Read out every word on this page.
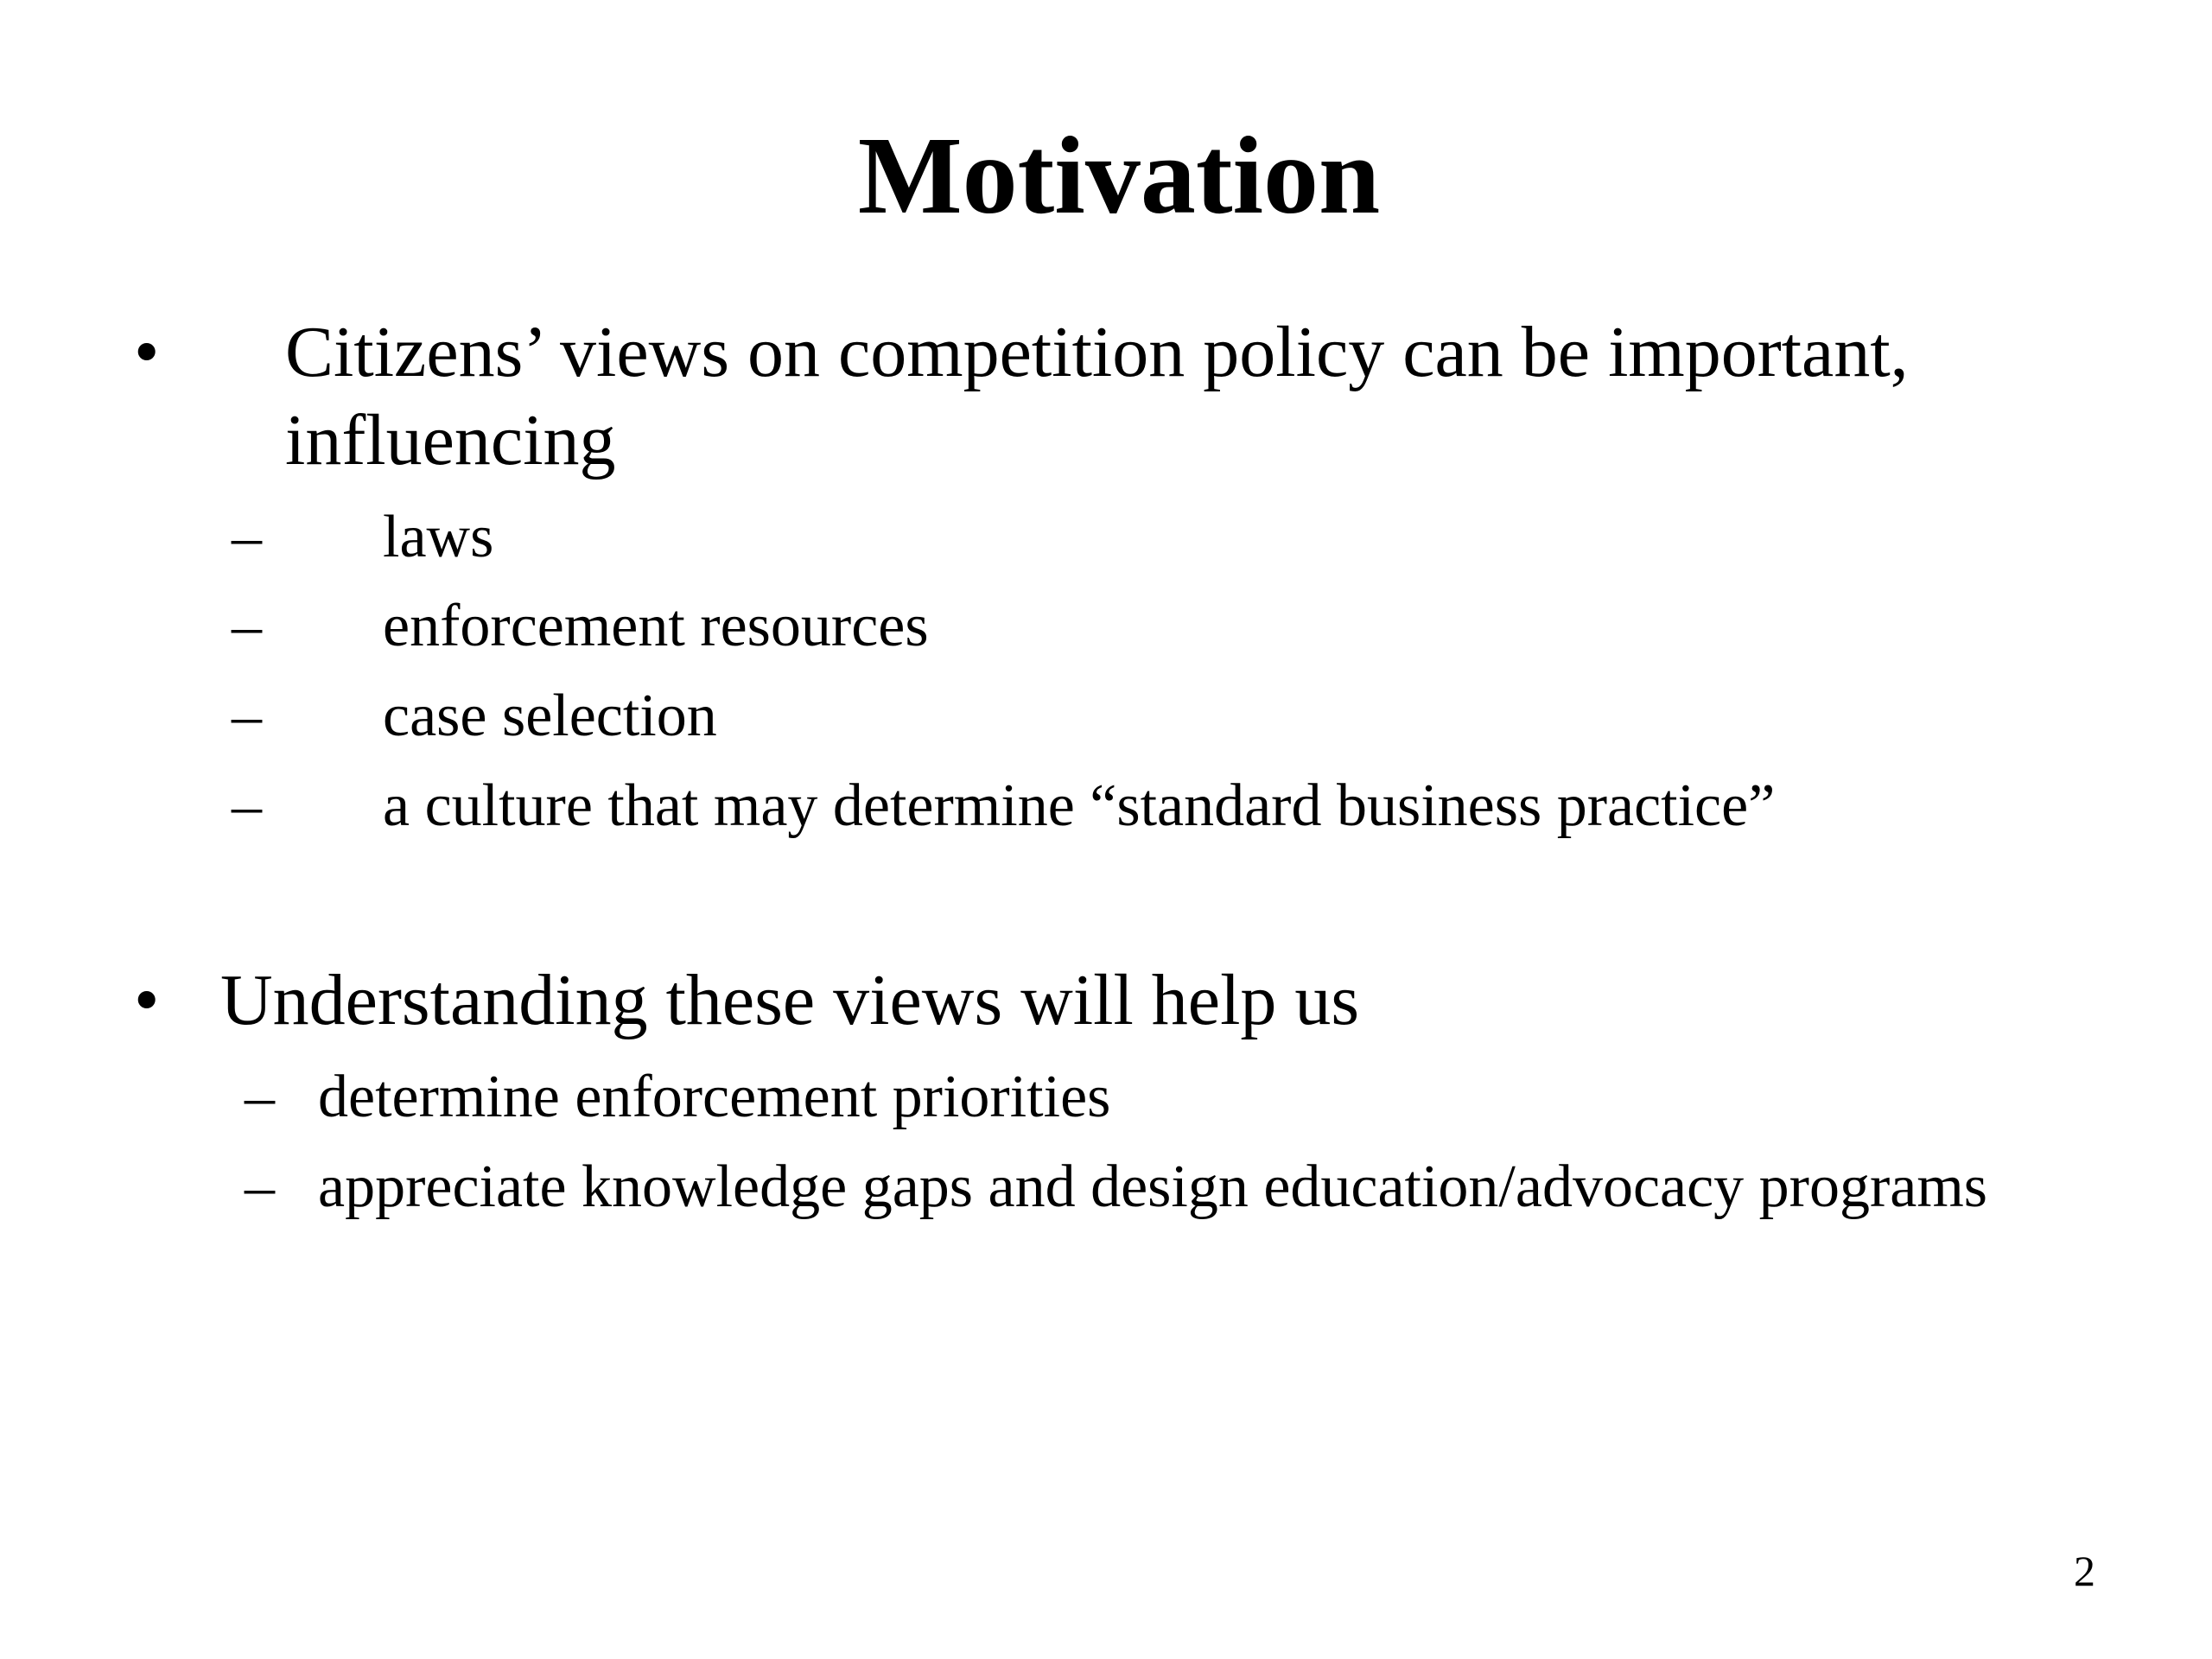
Motivation
• Citizens’ views on competition policy can be important,
influencing
– laws
– enforcement resources
– case selection
– a culture that may determine “standard business practice”
• Understanding these views will help us
– determine enforcement priorities
– appreciate knowledge gaps and design education/advocacy programs
2
